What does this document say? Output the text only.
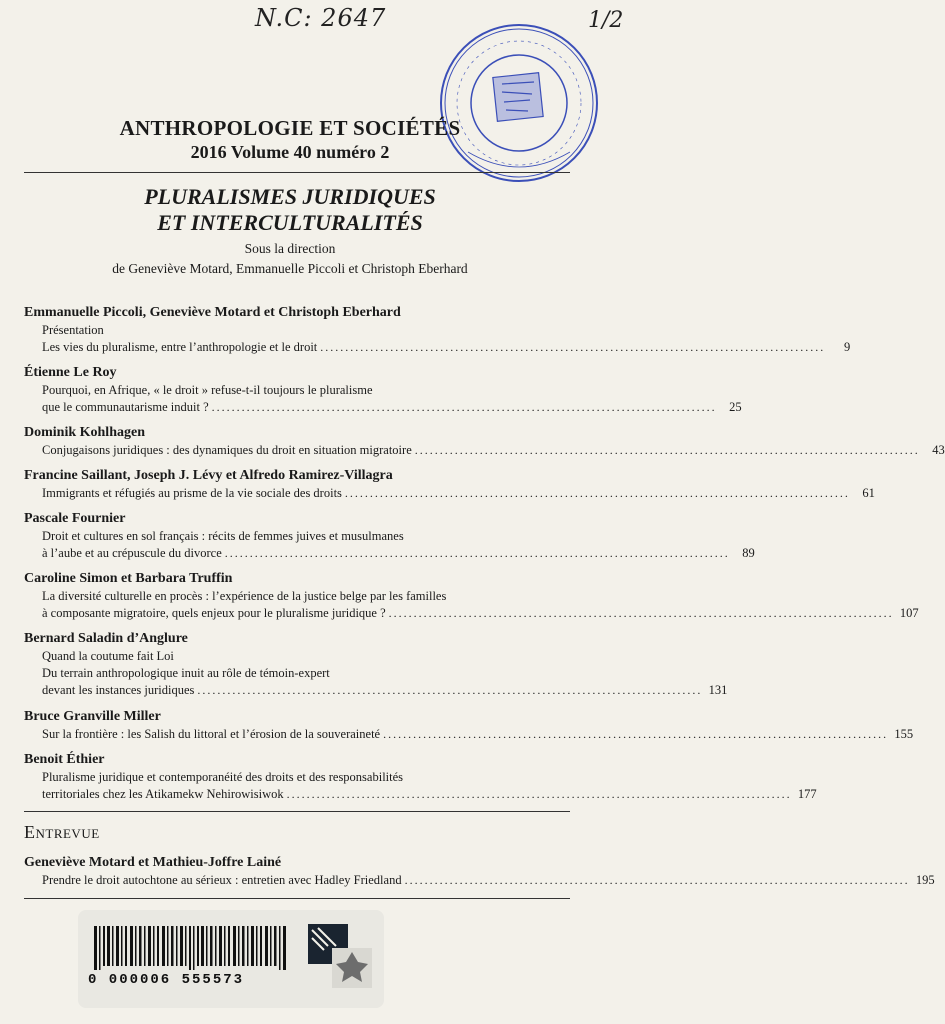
N.C: 2647	1/2
ANTHROPOLOGIE ET SOCIÉTÉS
2016 Volume 40 numéro 2
PLURALISMES JURIDIQUES
ET INTERCULTURALITÉS
Sous la direction
de Geneviève Motard, Emmanuelle Piccoli et Christoph Eberhard
Emmanuelle Piccoli, Geneviève Motard et Christoph Eberhard
Présentation
Les vies du pluralisme, entre l’anthropologie et le droit .....................................................................................................	9
Étienne Le Roy
Pourquoi, en Afrique, « le droit » refuse-t-il toujours le pluralisme
que le communautarisme induit ? .....................................................................................................	25
Dominik Kohlhagen
Conjugaisons juridiques : des dynamiques du droit en situation migratoire .....................................................................................................	43
Francine Saillant, Joseph J. Lévy et Alfredo Ramirez-Villagra
Immigrants et réfugiés au prisme de la vie sociale des droits .....................................................................................................	61
Pascale Fournier
Droit et cultures en sol français : récits de femmes juives et musulmanes
à l’aube et au crépuscule du divorce .....................................................................................................	89
Caroline Simon et Barbara Truffin
La diversité culturelle en procès : l’expérience de la justice belge par les familles
à composante migratoire, quels enjeux pour le pluralisme juridique ? ..................................................................................................... 107
Bernard Saladin d’Anglure
Quand la coutume fait Loi
Du terrain anthropologique inuit au rôle de témoin-expert
devant les instances juridiques ..................................................................................................... 131
Bruce Granville Miller
Sur la frontière : les Salish du littoral et l’érosion de la souveraineté ..................................................................................................... 155
Benoit Éthier
Pluralisme juridique et contemporanéité des droits et des responsabilités
territoriales chez les Atikamekw Nehirowisiwok ..................................................................................................... 177
Entrevue
Geneviève Motard et Mathieu-Joffre Lainé
Prendre le droit autochtone au sérieux : entretien avec Hadley Friedland ..................................................................................................... 195
0 000006 555573
